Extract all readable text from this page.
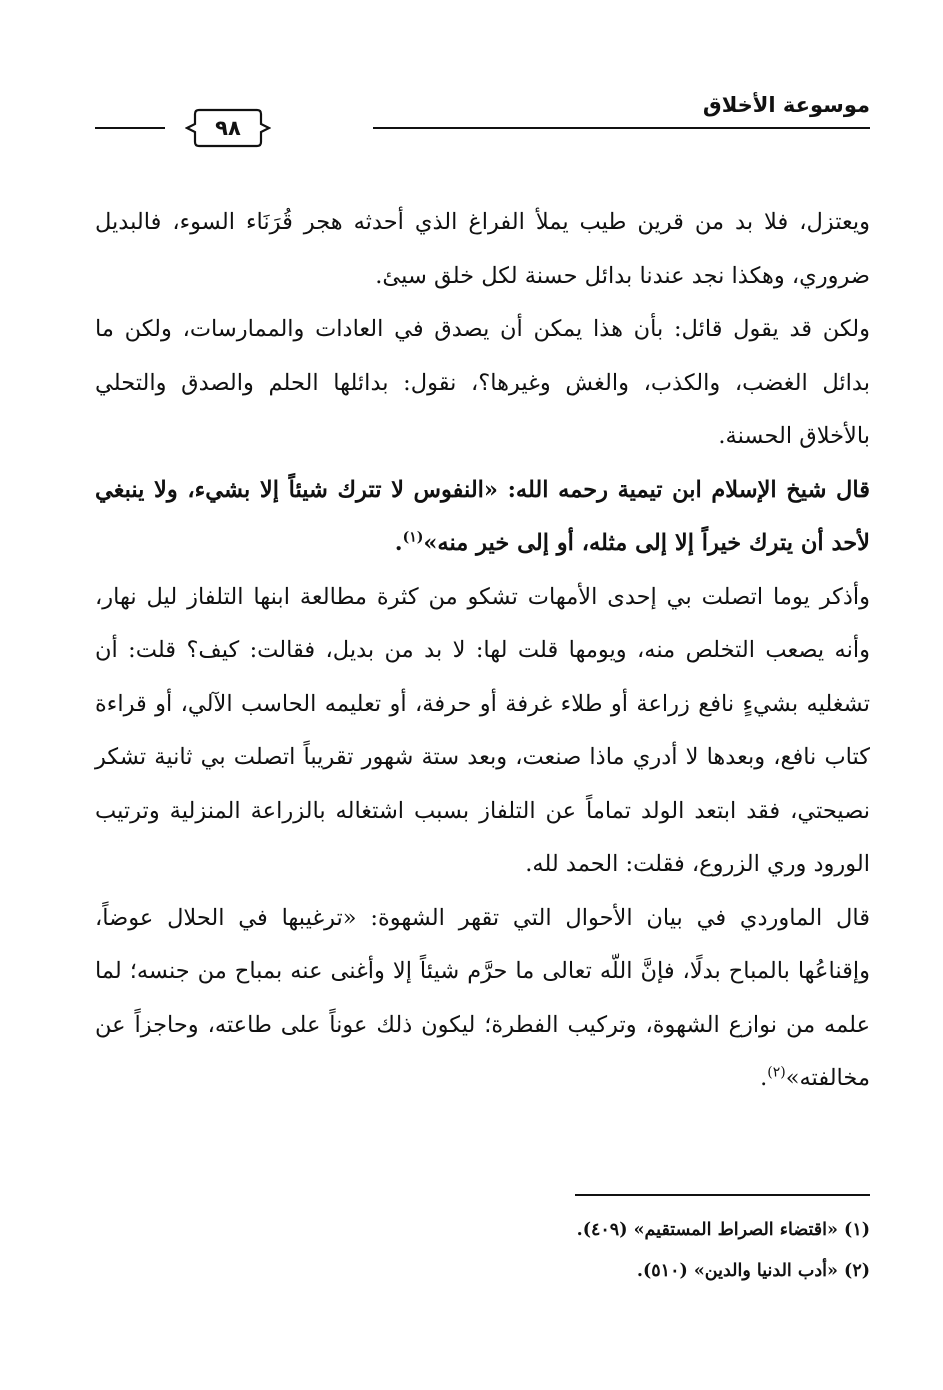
موسوعة الأخلاق
٩٨

ويعتزل، فلا بد من قرين طيب يملأ الفراغ الذي أحدثه هجر قُرَنَاء السوء، فالبديل ضروري، وهكذا نجد عندنا بدائل حسنة لكل خلق سيئ.

ولكن قد يقول قائل: بأن هذا يمكن أن يصدق في العادات والممارسات، ولكن ما بدائل الغضب، والكذب، والغش وغيرها؟، نقول: بدائلها الحلم والصدق والتحلي بالأخلاق الحسنة.

قال شيخ الإسلام ابن تيمية رحمه الله: «النفوس لا تترك شيئاً إلا بشيء، ولا ينبغي لأحد أن يترك خيراً إلا إلى مثله، أو إلى خير منه»$^{(١)}$.

وأذكر يوما اتصلت بي إحدى الأمهات تشكو من كثرة مطالعة ابنها التلفاز ليل نهار، وأنه يصعب التخلص منه، ويومها قلت لها: لا بد من بديل، فقالت: كيف؟ قلت: أن تشغليه بشيءٍ نافع زراعة أو طلاء غرفة أو حرفة، أو تعليمه الحاسب الآلي، أو قراءة كتاب نافع، وبعدها لا أدري ماذا صنعت، وبعد ستة شهور تقريباً اتصلت بي ثانية تشكر نصيحتي، فقد ابتعد الولد تماماً عن التلفاز بسبب اشتغاله بالزراعة المنزلية وترتيب الورود وري الزروع، فقلت: الحمد لله.

قال الماوردي في بيان الأحوال التي تقهر الشهوة: «ترغيبها في الحلال عوضاً، وإقناعُها بالمباح بدلًا، فإنَّ اللّه تعالى ما حرَّم شيئاً إلا وأغنى عنه بمباح من جنسه؛ لما علمه من نوازع الشهوة، وتركيب الفطرة؛ ليكون ذلك عوناً على طاعته، وحاجزاً عن مخالفته»$^{(٢)}$.

(١) «اقتضاء الصراط المستقيم» (٤٠٩).

(٢) «أدب الدنيا والدين» (٥١٠).
